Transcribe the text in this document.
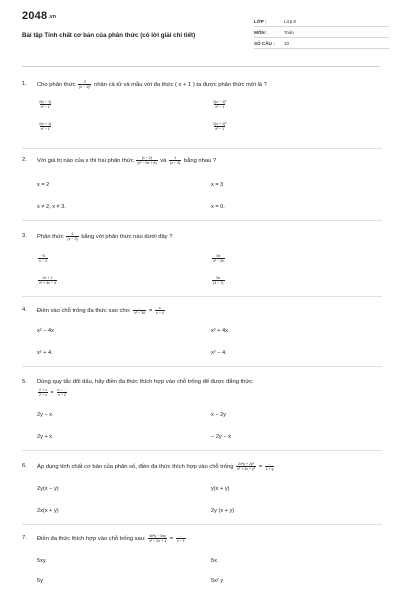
2048.vn
Bài tập Tính chất cơ bản của phân thức (có lời giải chi tiết)
LỚP :	Lớp 8
MÔN :	Toán
SỐ CÂU :	10
1.	Cho phân thức $\frac{2}{\text{(x − 1)²}}$ nhân cả tử và mẫu với đa thức ( x + 1 ) ta được phân thức mới là ?
$\frac{2(x - 1)}{\text{x² − 1}}$	$\frac{\text{2(x − 1)²}}{\text{x² − 1}}$
$\frac{2(x + 1)}{\text{x² − 1}}$	$\frac{\text{2(x + 1)²}}{\text{x² − 1}}$
2.	Với giá trị nào của x thì hai phân thức $\frac{(x - 2)}{\text{(x² − 5x + 6)}}$ và $\frac{1}{(x - 3)}$ bằng nhau ?
x = 2	x = 3
x ≠ 2, x ≠ 3.	x = 0.
3.	Phân thức $\frac{5}{(x - 3)}$ bằng với phân thức nào dưới đây ?
$\frac{-5}{x - 3}$	$\frac{5x}{\text{x² − 3x}}$
$\frac{2x + 1}{\text{x² + 4x − 3}}$	$\frac{5x}{(3 - 7)}$
4.	Điền vào chỗ trống đa thức sao cho: $\frac{\dots}{\text{x² − 16}} = \frac{x}{x - 4}$
x² − 4x	x² + 4x.
x² + 4.	x² − 4.
5.	Dùng quy tắc đổi dấu, hãy điền đa thức thích hợp vào chỗ trống để được đẳng thức:
$\frac{2 + x}{2 - x} = \frac{x - \dots}{x - 2}$
2y − x	x − 2y
2y + x	− 2y − x
6.	Áp dụng tính chất cơ bản của phân số, điền đa thức thích hợp vào chỗ trống $\frac{\text{2x²y + 2y²}}{\text{x² + 2x + y²}} = \frac{\dots}{x + y}$
2y(x − y)	y(x + y)
2x(x + y)	2y (x + y)
7.	Điền đa thức thích hợp vào chỗ trống sau: $\frac{\text{5x²y − 5xy}}{\text{x² − 2x + 1}} = \frac{\dots}{x - 1}$
5xy	5x
5y	5x² y
